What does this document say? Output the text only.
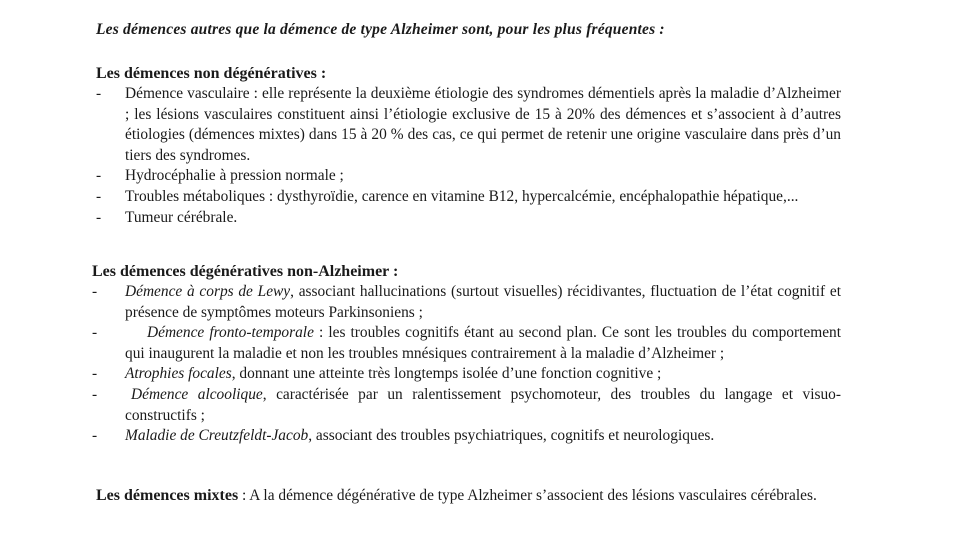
Les démences autres que la démence de type Alzheimer sont, pour les plus fréquentes :
Les démences non dégénératives :
- Démence vasculaire : elle représente la deuxième étiologie des syndromes démentiels après la maladie d’Alzheimer ; les lésions vasculaires constituent ainsi l’étiologie exclusive de 15 à 20% des démences et s’associent à d’autres étiologies (démences mixtes) dans 15 à 20 % des cas, ce qui permet de retenir une origine vasculaire dans près d’un tiers des syndromes.
- Hydrocéphalie à pression normale ;
- Troubles métaboliques : dysthyroïdie, carence en vitamine B12, hypercalcémie, encéphalopathie hépatique,...
- Tumeur cérébrale.
Les démences dégénératives non-Alzheimer :
- Démence à corps de Lewy, associant hallucinations (surtout visuelles) récidivantes, fluctuation de l’état cognitif et présence de symptômes moteurs Parkinsoniens ;
-	Démence fronto-temporale : les troubles cognitifs étant au second plan. Ce sont les troubles du comportement qui inaugurent la maladie et non les troubles mnésiques contrairement à la maladie d’Alzheimer ;
- Atrophies focales, donnant une atteinte très longtemps isolée d’une fonction cognitive ;
- Démence alcoolique, caractérisée par un ralentissement psychomoteur, des troubles du langage et visuo-constructifs ;
- Maladie de Creutzfeldt-Jacob, associant des troubles psychiatriques, cognitifs et neurologiques.

Les démences mixtes : A la démence dégénérative de type Alzheimer s’associent des lésions vasculaires cérébrales.
